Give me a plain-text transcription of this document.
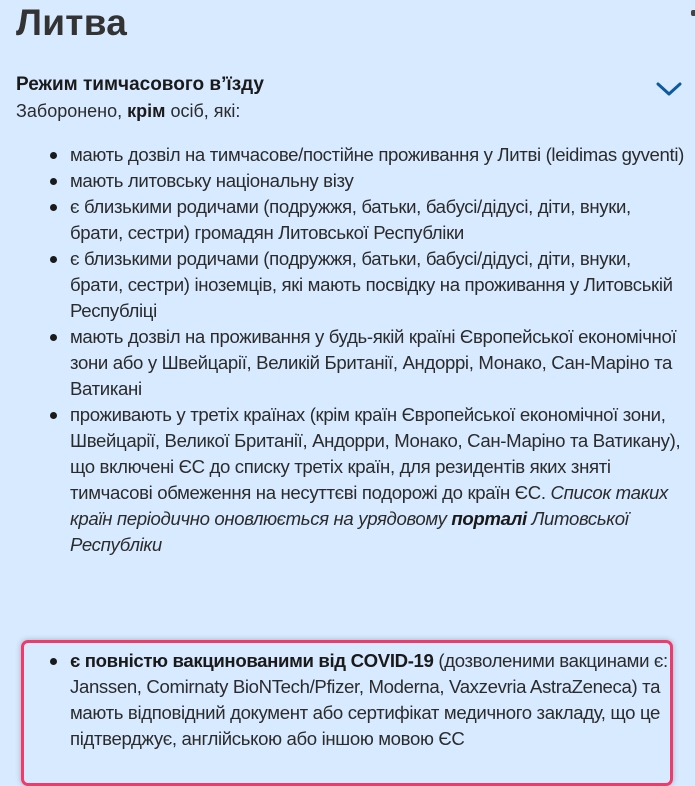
Литва
Режим тимчасового в’їзду
Заборонено, крім осіб, які:
мають дозвіл на тимчасове/постійне проживання у Литві (leidimas gyventi)
мають литовську національну візу
є близькими родичами (подружжя, батьки, бабусі/дідусі, діти, внуки, брати, сестри) громадян Литовської Республіки
є близькими родичами (подружжя, батьки, бабусі/дідусі, діти, внуки, брати, сестри) іноземців, які мають посвідку на проживання у Литовській Республіці
мають дозвіл на проживання у будь-якій країні Європейської економічної зони або у Швейцарії, Великій Британії, Андоррі, Монако, Сан-Маріно та Ватикані
проживають у третіх країнах (крім країн Європейської економічної зони, Швейцарії, Великої Британії, Андорри, Монако, Сан-Маріно та Ватикану), що включені ЄС до списку третіх країн, для резидентів яких зняті тимчасові обмеження на несуттєві подорожі до країн ЄС. Список таких країн періодично оновлюється на урядовому порталі Литовської Республіки
є повністю вакцинованими від COVID-19 (дозволеними вакцинами є: Janssen, Comirnaty BioNTech/Pfizer, Moderna, Vaxzevria AstraZeneca) та мають відповідний документ або сертифікат медичного закладу, що це підтверджує, англійською або іншою мовою ЄС
